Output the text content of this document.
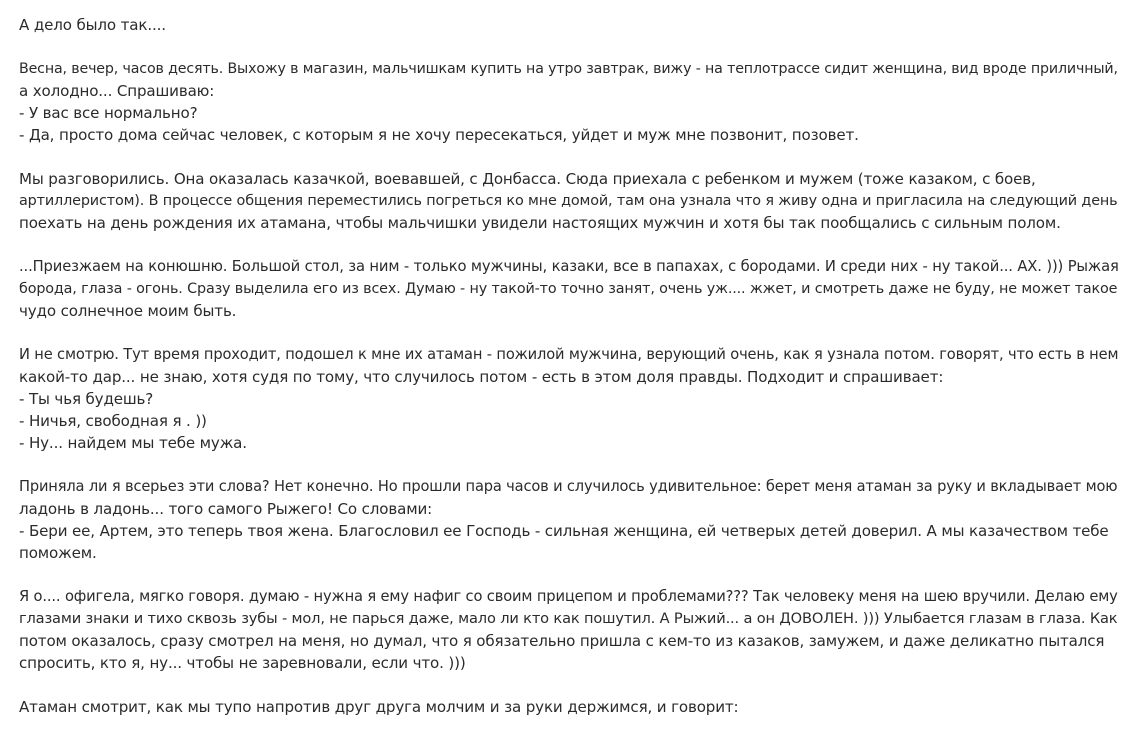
А дело было так....
Весна, вечер, часов десять. Выхожу в магазин, мальчишкам купить на утро завтрак, вижу - на теплотрассе сидит женщина, вид вроде приличный,
а холодно... Спрашиваю:
- У вас все нормально?
- Да, просто дома сейчас человек, с которым я не хочу пересекаться, уйдет и муж мне позвонит, позовет.
Мы разговорились. Она оказалась казачкой, воевавшей, с Донбасса. Сюда приехала с ребенком и мужем (тоже казаком, с боев,
артиллеристом). В процессе общения переместились погреться ко мне домой, там она узнала что я живу одна и пригласила на следующий день
поехать на день рождения их атамана, чтобы мальчишки увидели настоящих мужчин и хотя бы так пообщались с сильным полом.
...Приезжаем на конюшню. Большой стол, за ним - только мужчины, казаки, все в папахах, с бородами. И среди них - ну такой... АХ. ))) Рыжая
борода, глаза - огонь. Сразу выделила его из всех. Думаю - ну такой-то точно занят, очень уж.... жжет, и смотреть даже не буду, не может такое
чудо солнечное моим быть.
И не смотрю. Тут время проходит, подошел к мне их атаман - пожилой мужчина, верующий очень, как я узнала потом. говорят, что есть в нем
какой-то дар... не знаю, хотя судя по тому, что случилось потом - есть в этом доля правды. Подходит и спрашивает:
- Ты чья будешь?
- Ничья, свободная я . ))
- Ну... найдем мы тебе мужа.
Приняла ли я всерьез эти слова? Нет конечно. Но прошли пара часов и случилось удивительное: берет меня атаман за руку и вкладывает мою
ладонь в ладонь... того самого Рыжего! Со словами:
- Бери ее, Артем, это теперь твоя жена. Благословил ее Господь - сильная женщина, ей четверых детей доверил. А мы казачеством тебе
поможем.
Я о.... офигела, мягко говоря. думаю - нужна я ему нафиг со своим прицепом и проблемами??? Так человеку меня на шею вручили. Делаю ему
глазами знаки и тихо сквозь зубы - мол, не парься даже, мало ли кто как пошутил. А Рыжий... а он ДОВОЛЕН. ))) Улыбается глазам в глаза. Как
потом оказалось, сразу смотрел на меня, но думал, что я обязательно пришла с кем-то из казаков, замужем, и даже деликатно пытался
спросить, кто я, ну... чтобы не заревновали, если что. )))
Атаман смотрит, как мы тупо напротив друг друга молчим и за руки держимся, и говорит:
